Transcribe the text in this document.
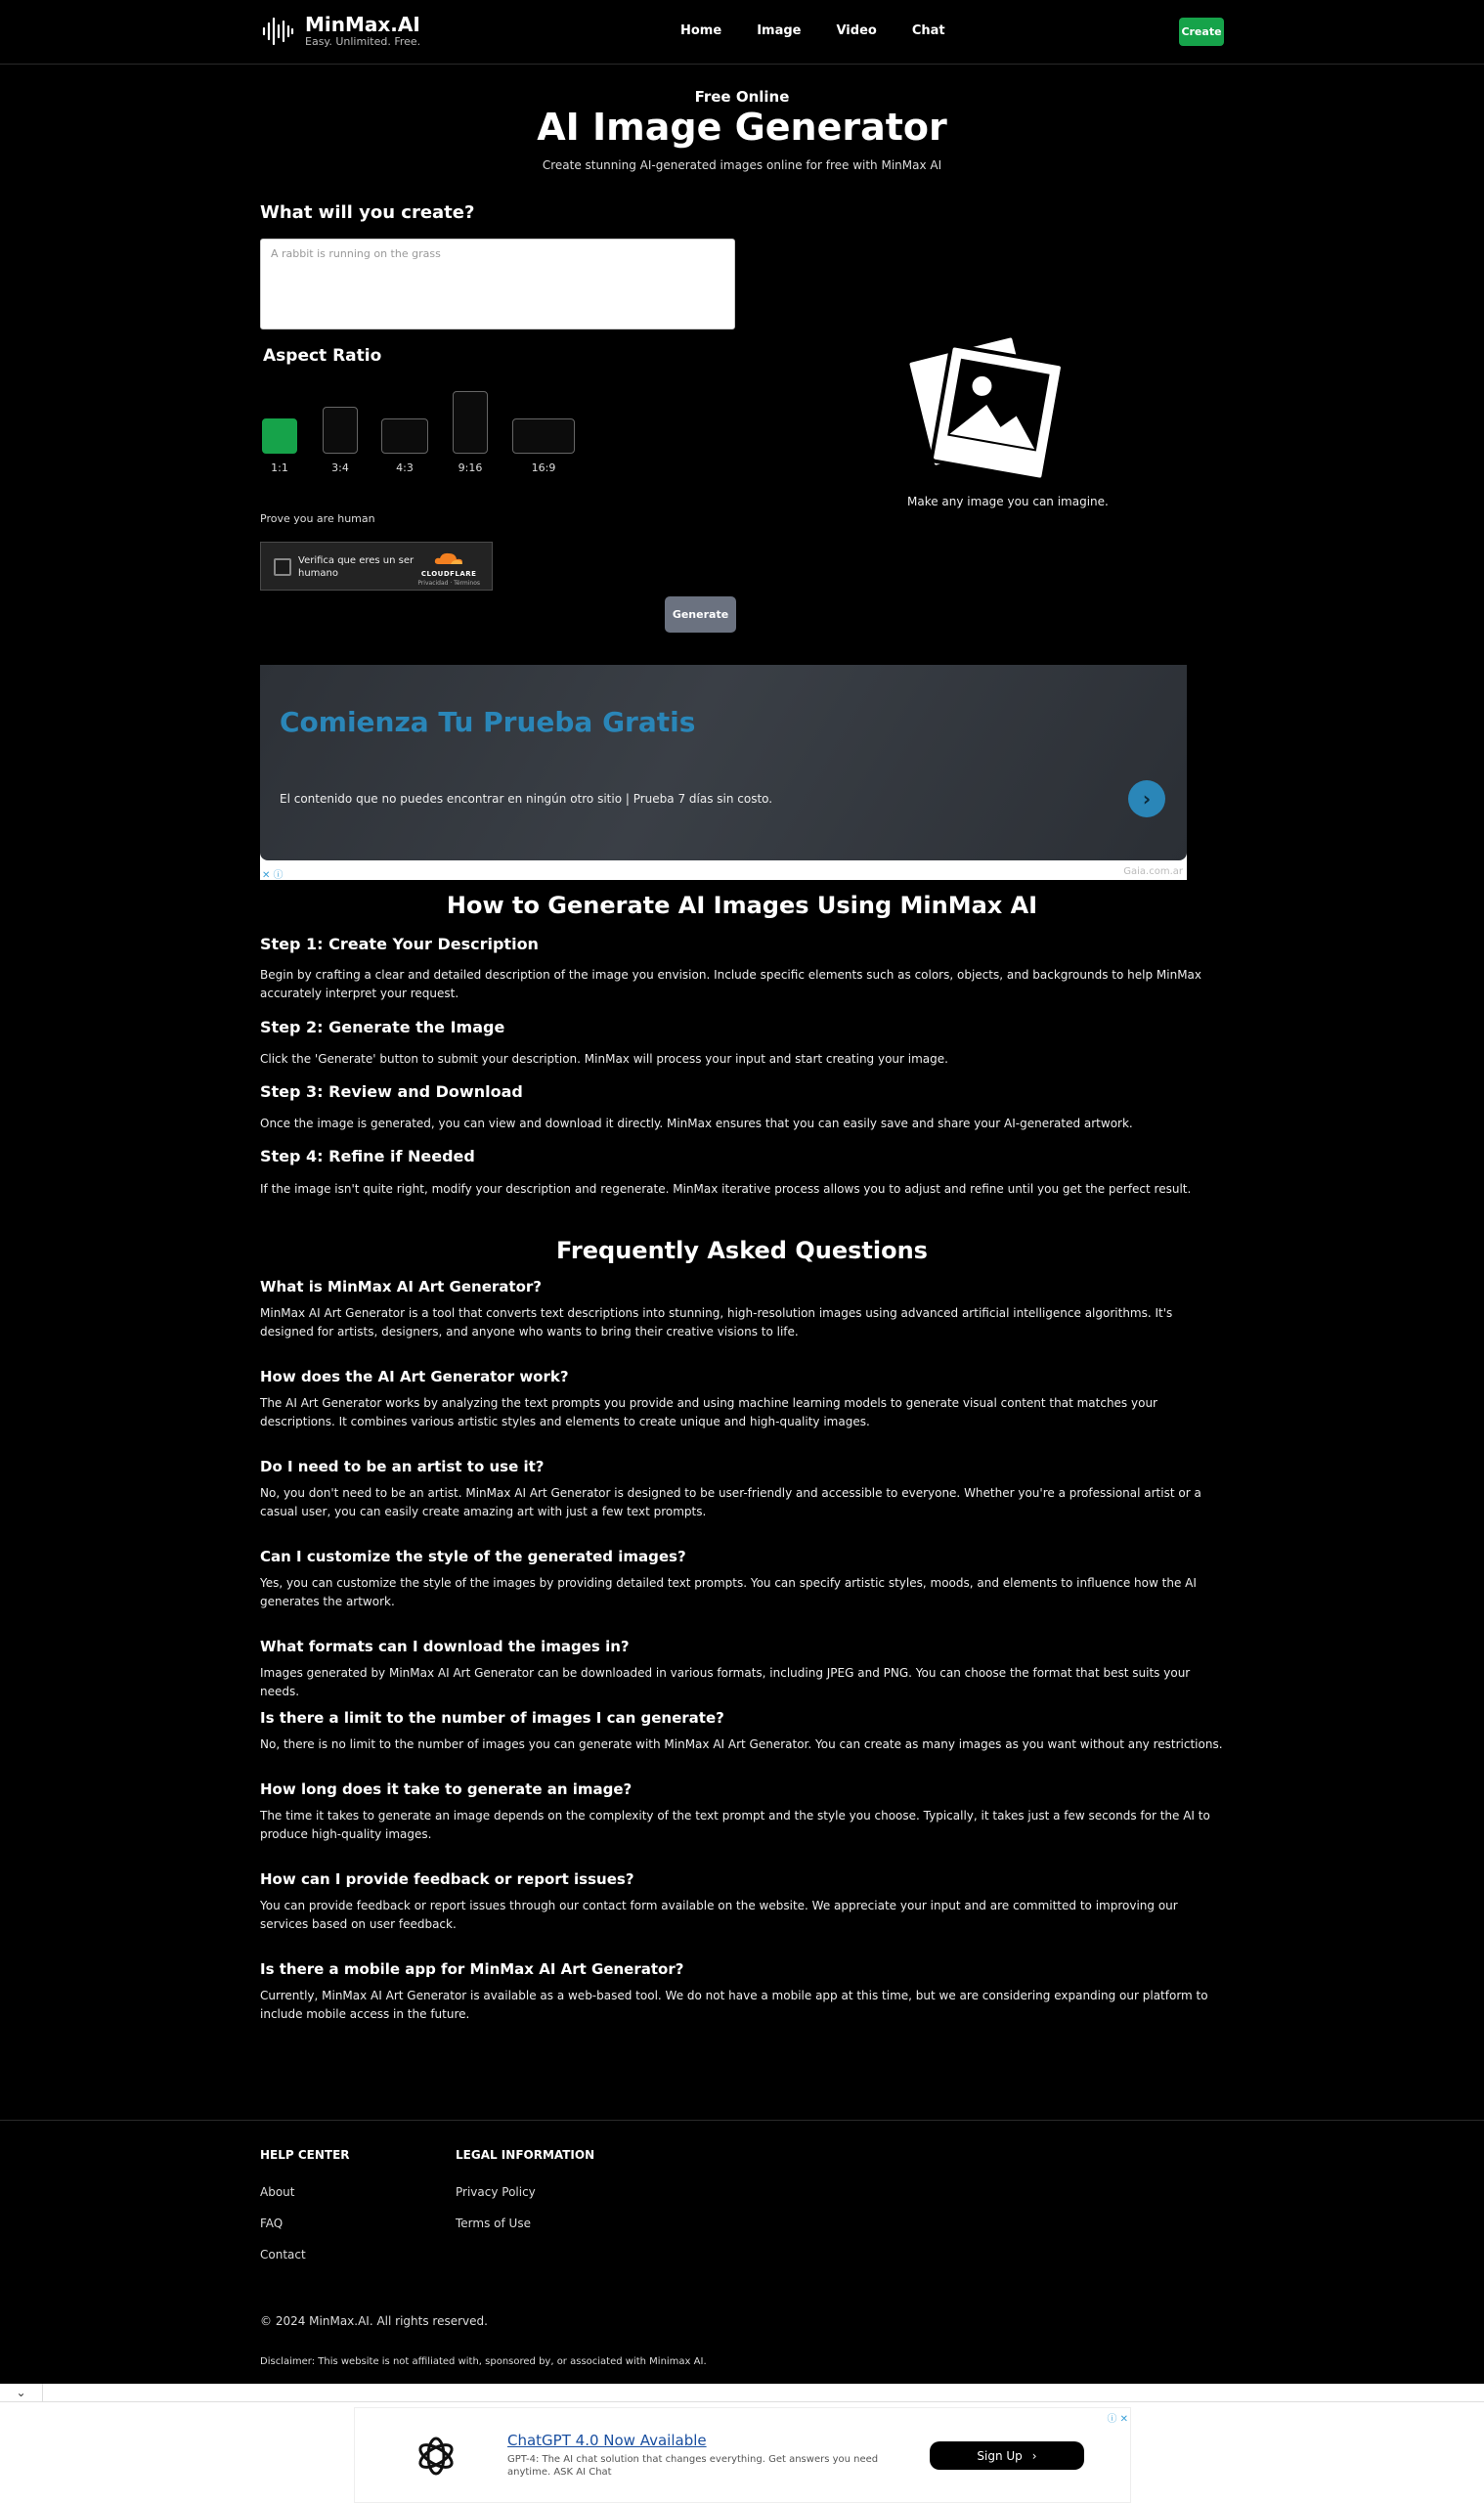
MinMax.AI
Easy. Unlimited. Free.
Home	Image	Video	Chat	Create
Free Online
AI Image Generator
Create stunning AI-generated images online for free with MinMax AI
What will you create?
A rabbit is running on the grass
Aspect Ratio
1:1	3:4	4:3	9:16	16:9
Prove you are human
Verifica que eres un ser humano	CLOUDFLARE
Privacidad · Términos
Generate
Make any image you can imagine.
Comienza Tu Prueba Gratis
El contenido que no puedes encontrar en ningún otro sitio | Prueba 7 días sin costo.	›
✕ ⓘ	Gaia.com.ar
How to Generate AI Images Using MinMax AI
Step 1: Create Your Description
Begin by crafting a clear and detailed description of the image you envision. Include specific elements such as colors, objects, and backgrounds to help MinMax accurately interpret your request.
Step 2: Generate the Image
Click the 'Generate' button to submit your description. MinMax will process your input and start creating your image.
Step 3: Review and Download
Once the image is generated, you can view and download it directly. MinMax ensures that you can easily save and share your AI-generated artwork.
Step 4: Refine if Needed
If the image isn't quite right, modify your description and regenerate. MinMax iterative process allows you to adjust and refine until you get the perfect result.
Frequently Asked Questions
What is MinMax AI Art Generator?
MinMax AI Art Generator is a tool that converts text descriptions into stunning, high-resolution images using advanced artificial intelligence algorithms. It's designed for artists, designers, and anyone who wants to bring their creative visions to life.
How does the AI Art Generator work?
The AI Art Generator works by analyzing the text prompts you provide and using machine learning models to generate visual content that matches your descriptions. It combines various artistic styles and elements to create unique and high-quality images.
Do I need to be an artist to use it?
No, you don't need to be an artist. MinMax AI Art Generator is designed to be user-friendly and accessible to everyone. Whether you're a professional artist or a casual user, you can easily create amazing art with just a few text prompts.
Can I customize the style of the generated images?
Yes, you can customize the style of the images by providing detailed text prompts. You can specify artistic styles, moods, and elements to influence how the AI generates the artwork.
What formats can I download the images in?
Images generated by MinMax AI Art Generator can be downloaded in various formats, including JPEG and PNG. You can choose the format that best suits your needs.
Is there a limit to the number of images I can generate?
No, there is no limit to the number of images you can generate with MinMax AI Art Generator. You can create as many images as you want without any restrictions.
How long does it take to generate an image?
The time it takes to generate an image depends on the complexity of the text prompt and the style you choose. Typically, it takes just a few seconds for the AI to produce high-quality images.
How can I provide feedback or report issues?
You can provide feedback or report issues through our contact form available on the website. We appreciate your input and are committed to improving our services based on user feedback.
Is there a mobile app for MinMax AI Art Generator?
Currently, MinMax AI Art Generator is available as a web-based tool. We do not have a mobile app at this time, but we are considering expanding our platform to include mobile access in the future.
HELP CENTER
About
FAQ
Contact
LEGAL INFORMATION
Privacy Policy
Terms of Use
© 2024 MinMax.AI. All rights reserved.
Disclaimer: This website is not affiliated with, sponsored by, or associated with Minimax AI.
⌄
ⓘ ✕
ChatGPT 4.0 Now Available
GPT-4: The AI chat solution that changes everything. Get answers you need anytime. ASK AI Chat
Sign Up ›
